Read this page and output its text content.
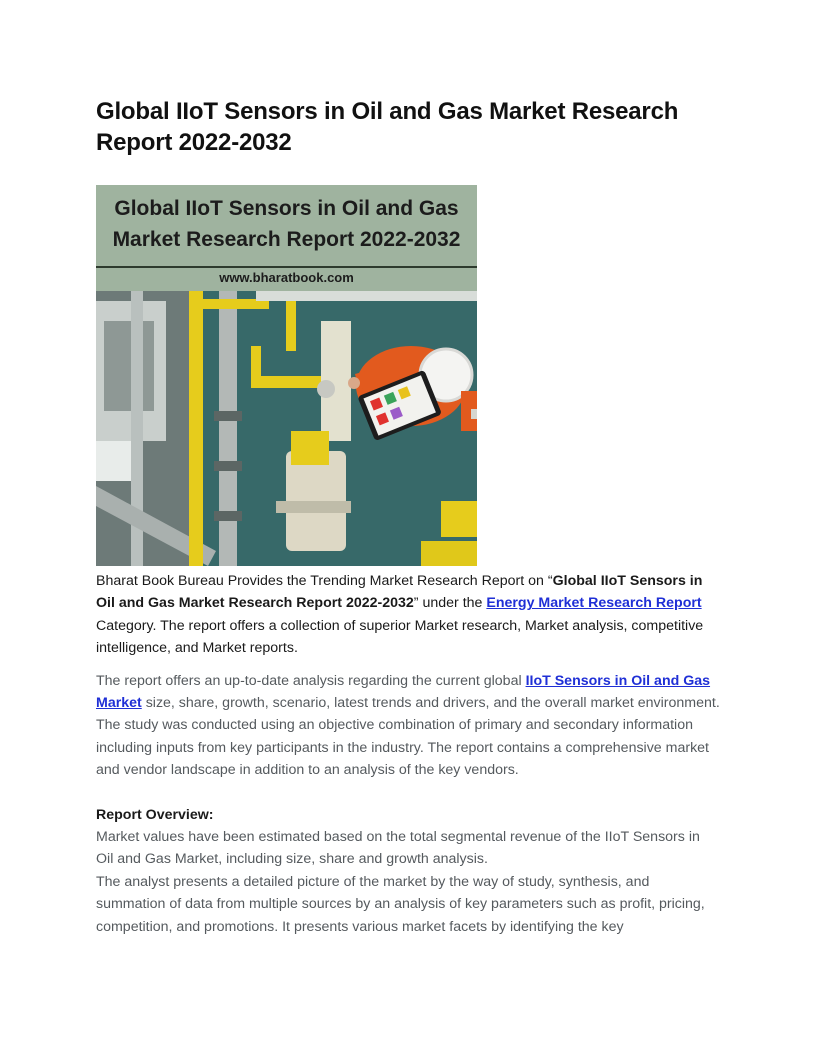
Global IIoT Sensors in Oil and Gas Market Research Report 2022-2032
Global IIoT Sensors in Oil and Gas
Market Research Report 2022-2032
www.bharatbook.com

Bharat Book Bureau Provides the Trending Market Research Report on “Global IIoT Sensors in Oil and Gas Market Research Report 2022-2032” under the Energy Market Research Report Category. The report offers a collection of superior Market research, Market analysis, competitive intelligence, and Market reports.

The report offers an up-to-date analysis regarding the current global IIoT Sensors in Oil and Gas Market size, share, growth, scenario, latest trends and drivers, and the overall market environment.

The study was conducted using an objective combination of primary and secondary information including inputs from key participants in the industry. The report contains a comprehensive market and vendor landscape in addition to an analysis of the key vendors.

Report Overview:

Market values have been estimated based on the total segmental revenue of the IIoT Sensors in Oil and Gas Market, including size, share and growth analysis.

The analyst presents a detailed picture of the market by the way of study, synthesis, and summation of data from multiple sources by an analysis of key parameters such as profit, pricing, competition, and promotions. It presents various market facets by identifying the key
